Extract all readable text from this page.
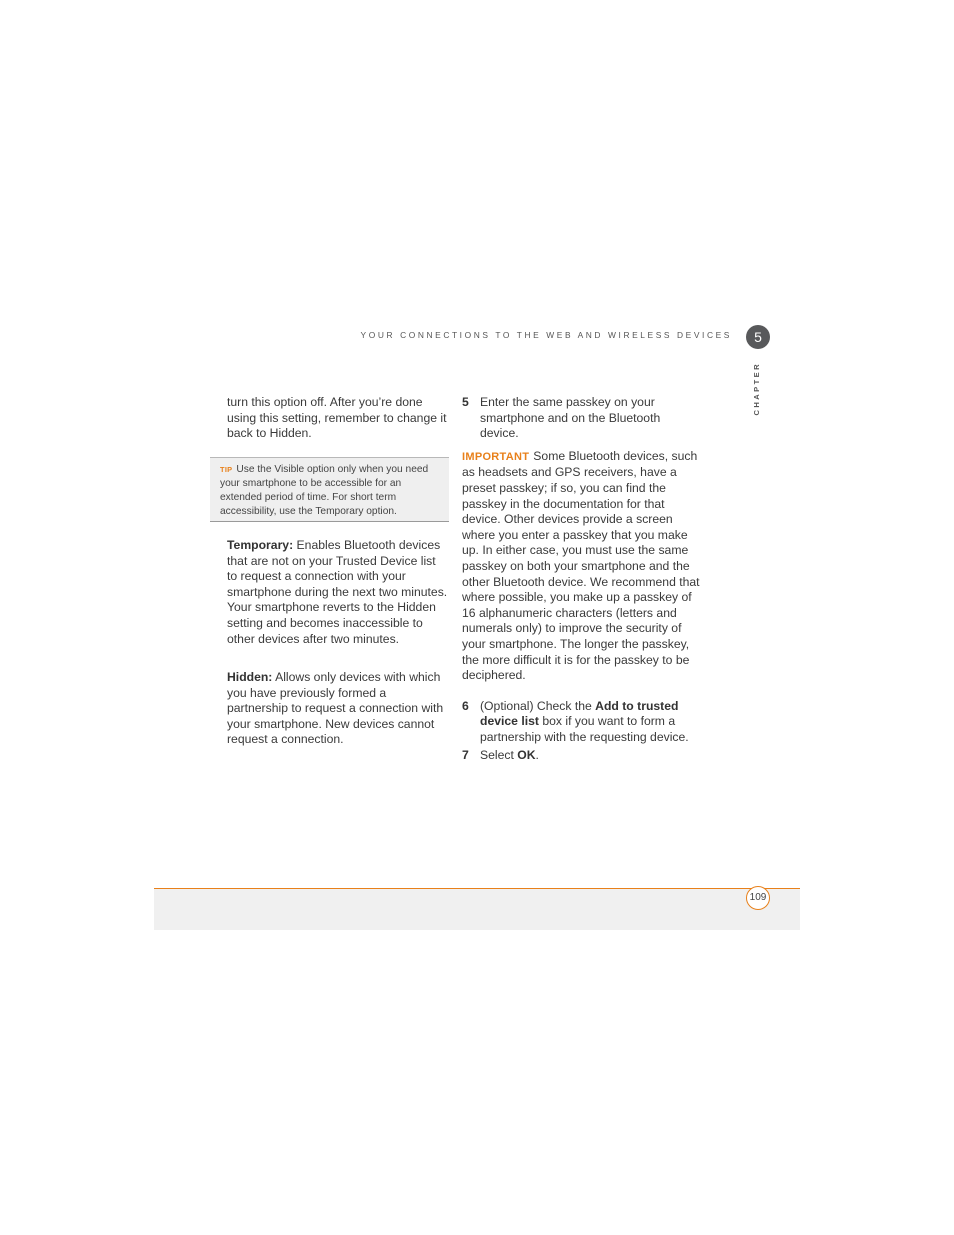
YOUR CONNECTIONS TO THE WEB AND WIRELESS DEVICES	5
CHAPTER

turn this option off. After you’re done using this setting, remember to change it back to Hidden.

TIP Use the Visible option only when you need your smartphone to be accessible for an extended period of time. For short term accessibility, use the Temporary option.

Temporary: Enables Bluetooth devices that are not on your Trusted Device list to request a connection with your smartphone during the next two minutes. Your smartphone reverts to the Hidden setting and becomes inaccessible to other devices after two minutes.

Hidden: Allows only devices with which you have previously formed a partnership to request a connection with your smartphone. New devices cannot request a connection.

5 Enter the same passkey on your smartphone and on the Bluetooth device.

IMPORTANT Some Bluetooth devices, such as headsets and GPS receivers, have a preset passkey; if so, you can find the passkey in the documentation for that device. Other devices provide a screen where you enter a passkey that you make up. In either case, you must use the same passkey on both your smartphone and the other Bluetooth device. We recommend that where possible, you make up a passkey of 16 alphanumeric characters (letters and numerals only) to improve the security of your smartphone. The longer the passkey, the more difficult it is for the passkey to be deciphered.

6 (Optional) Check the Add to trusted device list box if you want to form a partnership with the requesting device.

7 Select OK.

109
